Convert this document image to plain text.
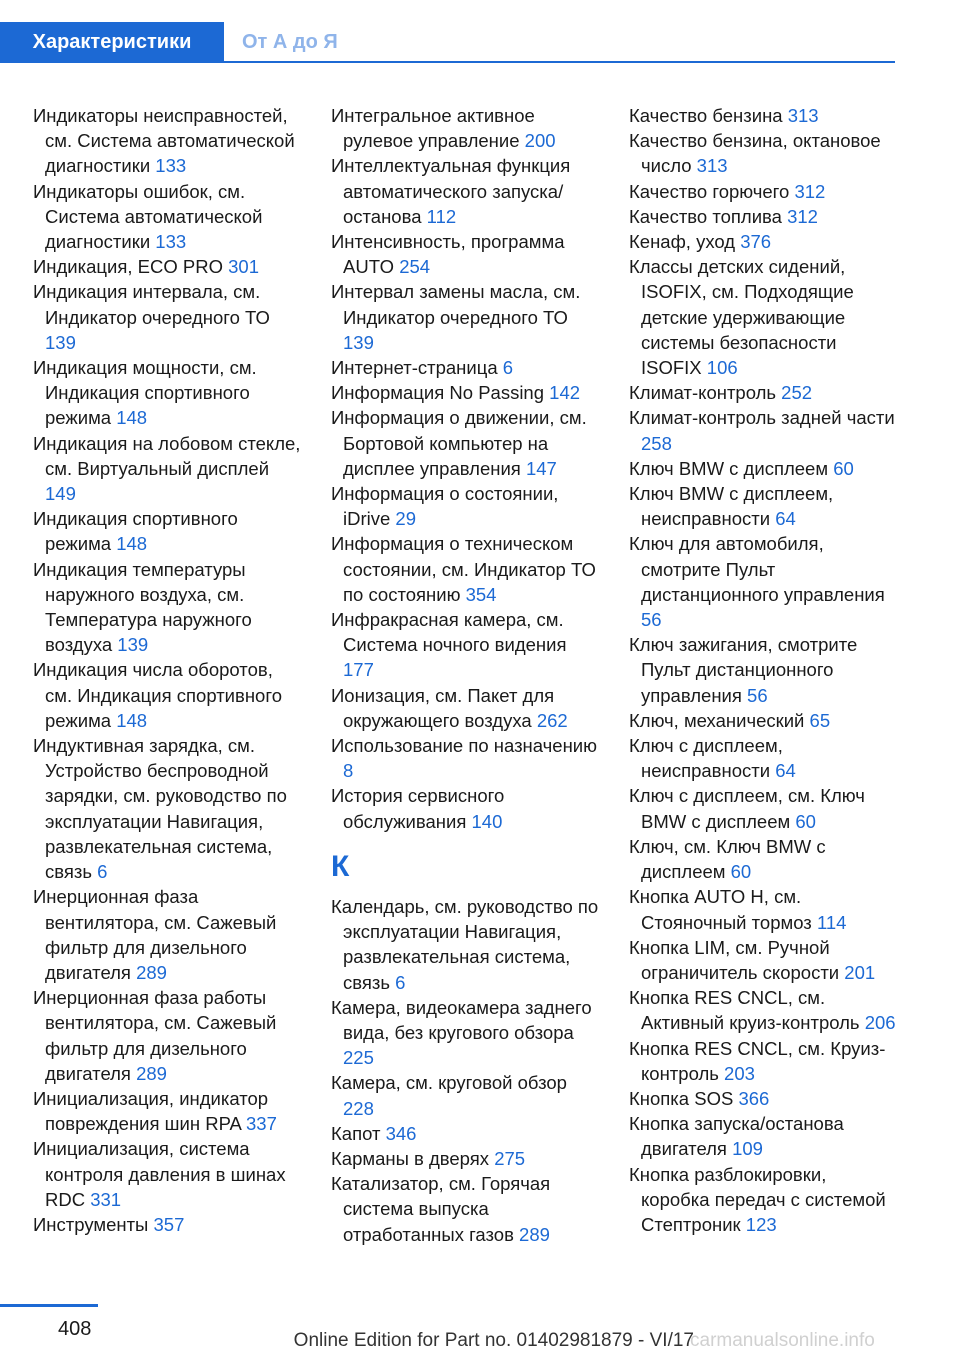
Характеристики	От А до Я
Индикаторы неисправностей, см. Система автоматической диагностики 133
Индикаторы ошибок, см. Система автоматической диагностики 133
Индикация, ECO PRO 301
Индикация интервала, см. Индикатор очередного ТО 139
Индикация мощности, см. Индикация спортивного режима 148
Индикация на лобовом стекле, см. Виртуальный дисплей 149
Индикация спортивного режима 148
Индикация температуры наружного воздуха, см. Температура наружного воздуха 139
Индикация числа оборотов, см. Индикация спортивного режима 148
Индуктивная зарядка, см. Устройство беспроводной зарядки, см. руководство по эксплуатации Навигация, развлекательная система, связь 6
Инерционная фаза вентилятора, см. Сажевый фильтр для дизельного двигателя 289
Инерционная фаза работы вентилятора, см. Сажевый фильтр для дизельного двигателя 289
Инициализация, индикатор повреждения шин RPA 337
Инициализация, система контроля давления в шинах RDC 331
Инструменты 357
Интегральное активное рулевое управление 200
Интеллектуальная функция автоматического запуска/останова 112
Интенсивность, программа AUTO 254
Интервал замены масла, см. Индикатор очередного ТО 139
Интернет-страница 6
Информация No Passing 142
Информация о движении, см. Бортовой компьютер на дисплее управления 147
Информация о состоянии, iDrive 29
Информация о техническом состоянии, см. Индикатор ТО по состоянию 354
Инфракрасная камера, см. Система ночного видения 177
Ионизация, см. Пакет для окружающего воздуха 262
Использование по назначению 8
История сервисного обслуживания 140
К
Календарь, см. руководство по эксплуатации Навигация, развлекательная система, связь 6
Камера, видеокамера заднего вида, без кругового обзора 225
Камера, см. круговой обзор 228
Капот 346
Карманы в дверях 275
Катализатор, см. Горячая система выпуска отработанных газов 289
Качество бензина 313
Качество бензина, октановое число 313
Качество горючего 312
Качество топлива 312
Кенаф, уход 376
Классы детских сидений, ISOFIX, см. Подходящие детские удерживающие системы безопасности ISOFIX 106
Климат-контроль 252
Климат-контроль задней части 258
Ключ BMW с дисплеем 60
Ключ BMW с дисплеем, неисправности 64
Ключ для автомобиля, смотрите Пульт дистанционного управления 56
Ключ зажигания, смотрите Пульт дистанционного управления 56
Ключ, механический 65
Ключ с дисплеем, неисправности 64
Ключ с дисплеем, см. Ключ BMW с дисплеем 60
Ключ, см. Ключ BMW с дисплеем 60
Кнопка AUTO H, см. Стояночный тормоз 114
Кнопка LIM, см. Ручной ограничитель скорости 201
Кнопка RES CNCL, см. Активный круиз-контроль 206
Кнопка RES CNCL, см. Круиз-контроль 203
Кнопка SOS 366
Кнопка запуска/останова двигателя 109
Кнопка разблокировки, коробка передач с системой Стептроник 123
408
carmanualsonline.info
Online Edition for Part no. 01402981879 - VI/17
